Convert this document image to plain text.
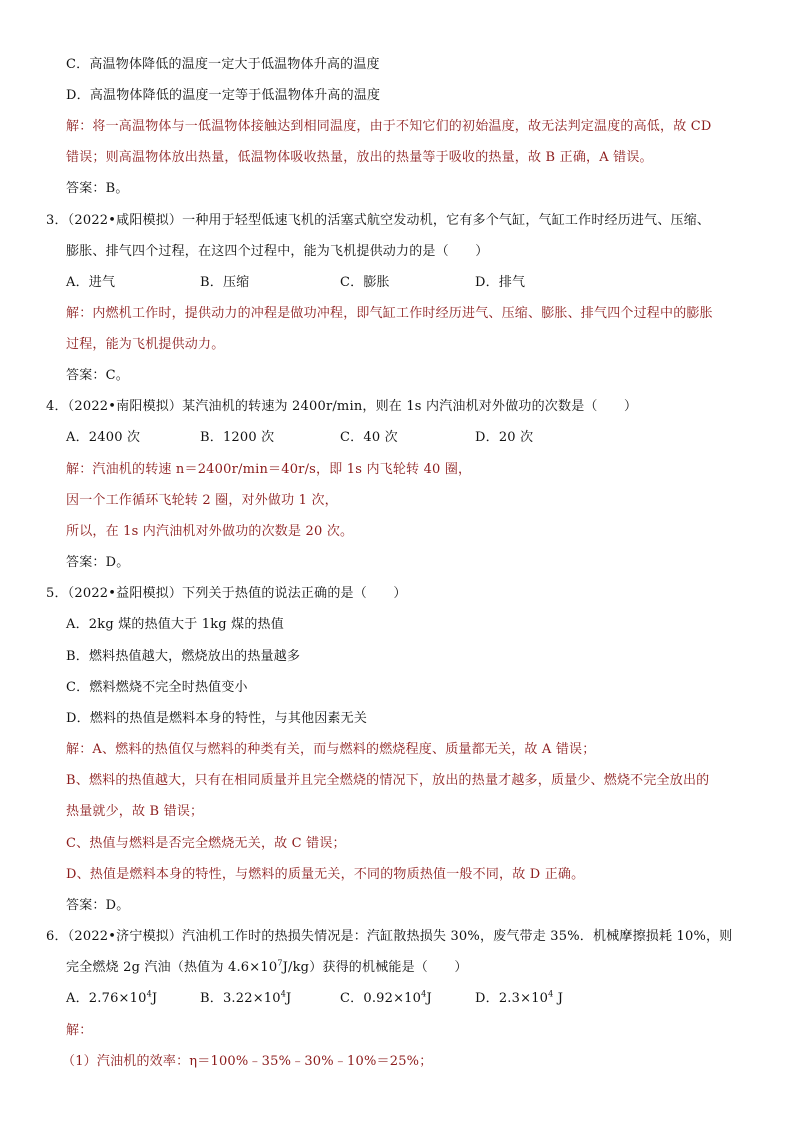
C．高温物体降低的温度一定大于低温物体升高的温度
D．高温物体降低的温度一定等于低温物体升高的温度
解：将一高温物体与一低温物体接触达到相同温度，由于不知它们的初始温度，故无法判定温度的高低，故 CD
错误；则高温物体放出热量，低温物体吸收热量，放出的热量等于吸收的热量，故 B 正确，A 错误。
答案：B。
3．（2022•咸阳模拟）一种用于轻型低速飞机的活塞式航空发动机，它有多个气缸，气缸工作时经历进气、压缩、
膨胀、排气四个过程，在这四个过程中，能为飞机提供动力的是（　　）
A．进气	B．压缩	C．膨胀	D．排气
解：内燃机工作时，提供动力的冲程是做功冲程，即气缸工作时经历进气、压缩、膨胀、排气四个过程中的膨胀
过程，能为飞机提供动力。
答案：C。
4．（2022•南阳模拟）某汽油机的转速为 2400r/min，则在 1s 内汽油机对外做功的次数是（　　）
A．2400 次	B．1200 次	C．40 次	D．20 次
解：汽油机的转速 n＝2400r/min＝40r/s，即 1s 内飞轮转 40 圈，
因一个工作循环飞轮转 2 圈，对外做功 1 次，
所以，在 1s 内汽油机对外做功的次数是 20 次。
答案：D。
5．（2022•益阳模拟）下列关于热值的说法正确的是（　　）
A．2kg 煤的热值大于 1kg 煤的热值
B．燃料热值越大，燃烧放出的热量越多
C．燃料燃烧不完全时热值变小
D．燃料的热值是燃料本身的特性，与其他因素无关
解：A、燃料的热值仅与燃料的种类有关，而与燃料的燃烧程度、质量都无关，故 A 错误；
B、燃料的热值越大，只有在相同质量并且完全燃烧的情况下，放出的热量才越多，质量少、燃烧不完全放出的
热量就少，故 B 错误；
C、热值与燃料是否完全燃烧无关，故 C 错误；
D、热值是燃料本身的特性，与燃料的质量无关，不同的物质热值一般不同，故 D 正确。
答案：D。
6．（2022•济宁模拟）汽油机工作时的热损失情况是：汽缸散热损失 30%，废气带走 35%．机械摩擦损耗 10%，则
完全燃烧 2g 汽油（热值为 $4.6\times 10^7J/kg$）获得的机械能是（　　）
A．$2.76\times 10^4J$	B．$3.22\times 10^4J$	C．$0.92\times 10^4J$	D．$2.3\times 10^4$ J
解：
（1）汽油机的效率：η＝100%﹣35%﹣30%﹣10%＝25%；
